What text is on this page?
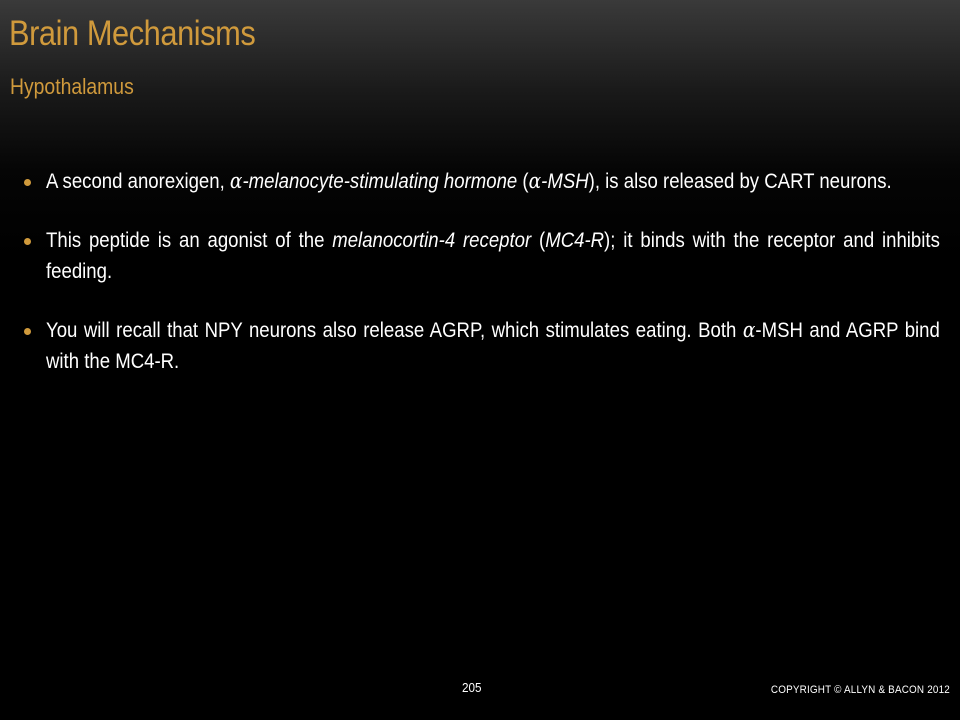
Brain Mechanisms
Hypothalamus
A second anorexigen, α-melanocyte-stimulating hormone (α-MSH), is also released by CART neurons.
This peptide is an agonist of the melanocortin-4 receptor (MC4-R); it binds with the receptor and inhibits feeding.
You will recall that NPY neurons also release AGRP, which stimulates eating. Both α-MSH and AGRP bind with the MC4-R.
205	COPYRIGHT © ALLYN & BACON 2012
